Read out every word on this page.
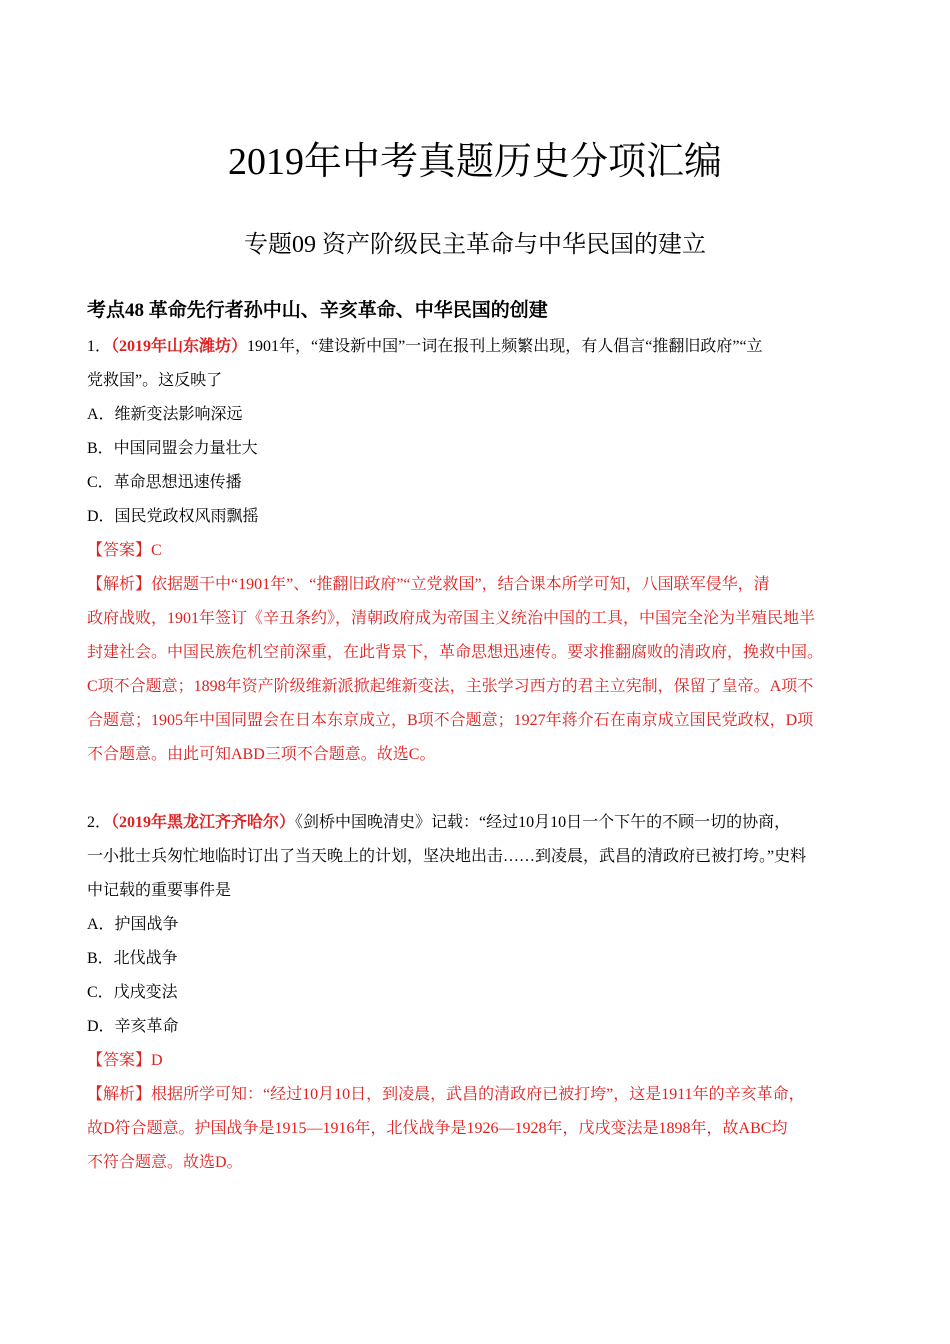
2019年中考真题历史分项汇编
专题09 资产阶级民主革命与中华民国的建立

考点48 革命先行者孙中山、辛亥革命、中华民国的创建

1．（2019年山东潍坊）1901年，“建设新中国”一词在报刊上频繁出现，有人倡言“推翻旧政府”“立

党救国”。这反映了

A．维新变法影响深远

B．中国同盟会力量壮大

C．革命思想迅速传播

D．国民党政权风雨飘摇

【答案】C

【解析】依据题干中“1901年”、“推翻旧政府”“立党救国”，结合课本所学可知，八国联军侵华，清

政府战败，1901年签订《辛丑条约》，清朝政府成为帝国主义统治中国的工具，中国完全沦为半殖民地半

封建社会。中国民族危机空前深重，在此背景下，革命思想迅速传。要求推翻腐败的清政府，挽救中国。

C项不合题意；1898年资产阶级维新派掀起维新变法，主张学习西方的君主立宪制，保留了皇帝。A项不

合题意；1905年中国同盟会在日本东京成立，B项不合题意；1927年蒋介石在南京成立国民党政权，D项

不合题意。由此可知ABD三项不合题意。故选C。

2．（2019年黑龙江齐齐哈尔）《剑桥中国晚清史》记载：“经过10月10日一个下午的不顾一切的协商，

一小批士兵匆忙地临时订出了当天晚上的计划，坚决地出击……到凌晨，武昌的清政府已被打垮。”史料

中记载的重要事件是

A．护国战争

B．北伐战争

C．戊戌变法

D．辛亥革命

【答案】D

【解析】根据所学可知：“经过10月10日，到凌晨，武昌的清政府已被打垮”，这是1911年的辛亥革命，

故D符合题意。护国战争是1915—1916年，北伐战争是1926—1928年，戊戌变法是1898年，故ABC均

不符合题意。故选D。
